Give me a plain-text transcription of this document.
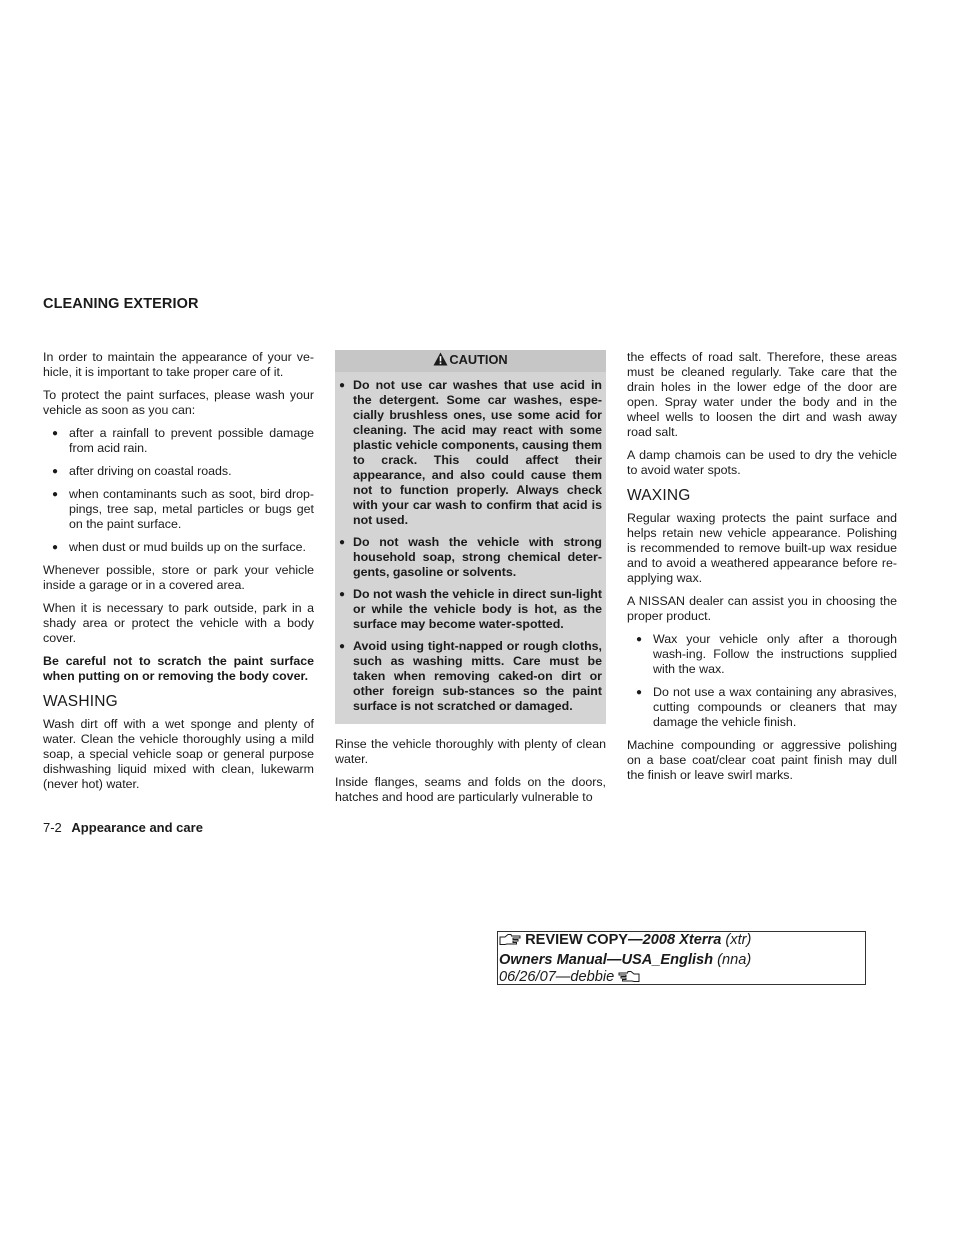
CLEANING EXTERIOR

In order to maintain the appearance of your ve-hicle, it is important to take proper care of it.

To protect the paint surfaces, please wash your vehicle as soon as you can:

● after a rainfall to prevent possible damage from acid rain.
● after driving on coastal roads.
● when contaminants such as soot, bird drop-pings, tree sap, metal particles or bugs get on the paint surface.
● when dust or mud builds up on the surface.

Whenever possible, store or park your vehicle inside a garage or in a covered area.

When it is necessary to park outside, park in a shady area or protect the vehicle with a body cover.

Be careful not to scratch the paint surface when putting on or removing the body cover.

WASHING

Wash dirt off with a wet sponge and plenty of water. Clean the vehicle thoroughly using a mild soap, a special vehicle soap or general purpose dishwashing liquid mixed with clean, lukewarm (never hot) water.

CAUTION
● Do not use car washes that use acid in the detergent. Some car washes, espe-cially brushless ones, use some acid for cleaning. The acid may react with some plastic vehicle components, causing them to crack. This could affect their appearance, and also could cause them not to function properly. Always check with your car wash to confirm that acid is not used.
● Do not wash the vehicle with strong household soap, strong chemical deter-gents, gasoline or solvents.
● Do not wash the vehicle in direct sun-light or while the vehicle body is hot, as the surface may become water-spotted.
● Avoid using tight-napped or rough cloths, such as washing mitts. Care must be taken when removing caked-on dirt or other foreign sub-stances so the paint surface is not scratched or damaged.

Rinse the vehicle thoroughly with plenty of clean water.

Inside flanges, seams and folds on the doors, hatches and hood are particularly vulnerable to

the effects of road salt. Therefore, these areas must be cleaned regularly. Take care that the drain holes in the lower edge of the door are open. Spray water under the body and in the wheel wells to loosen the dirt and wash away road salt.

A damp chamois can be used to dry the vehicle to avoid water spots.

WAXING

Regular waxing protects the paint surface and helps retain new vehicle appearance. Polishing is recommended to remove built-up wax residue and to avoid a weathered appearance before re-applying wax.

A NISSAN dealer can assist you in choosing the proper product.

● Wax your vehicle only after a thorough wash-ing. Follow the instructions supplied with the wax.
● Do not use a wax containing any abrasives, cutting compounds or cleaners that may damage the vehicle finish.

Machine compounding or aggressive polishing on a base coat/clear coat paint finish may dull the finish or leave swirl marks.

7-2 Appearance and care
REVIEW COPY—2008 Xterra (xtr)
Owners Manual—USA_English (nna)
06/26/07—debbie
